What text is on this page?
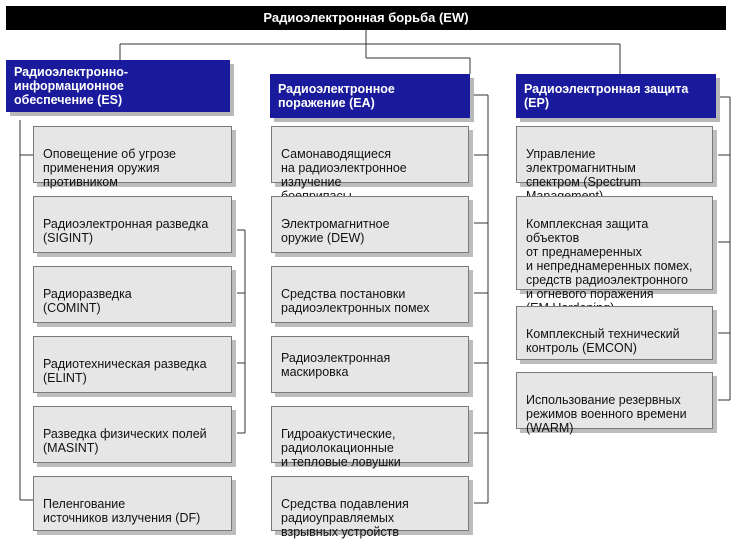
Радиоэлектронная борьба (EW)
Радиоэлектронно-информационное
обеспечение (ES)
Радиоэлектронное
поражение (EA)
Радиоэлектронная защита (EP)

Оповещение об угрозе
применения оружия
противником

Радиоэлектронная разведка
(SIGINT)

Радиоразведка
(COMINT)

Радиотехническая разведка
(ELINT)

Разведка физических полей
(MASINT)

Пеленгование
источников излучения (DF)

Самонаводящиеся
на радиоэлектронное излучение

Электромагнитное
оружие (DEW)

Средства постановки
радиоэлектронных помех

Радиоэлектронная маскировка

Гидроакустические,
радиолокационные
и тепловые ловушки

Средства подавления
радиоуправляемых
взрывных устройств

Управление электромагнитным
спектром (Spectrum

Комплексная защита объектов
от преднамеренных
и непреднамеренных помех,
средств радиоэлектронного
и огневого поражения

Комплексный технический
контроль (EMCON)

Использование резервных
режимов военного времени
(WARM)
